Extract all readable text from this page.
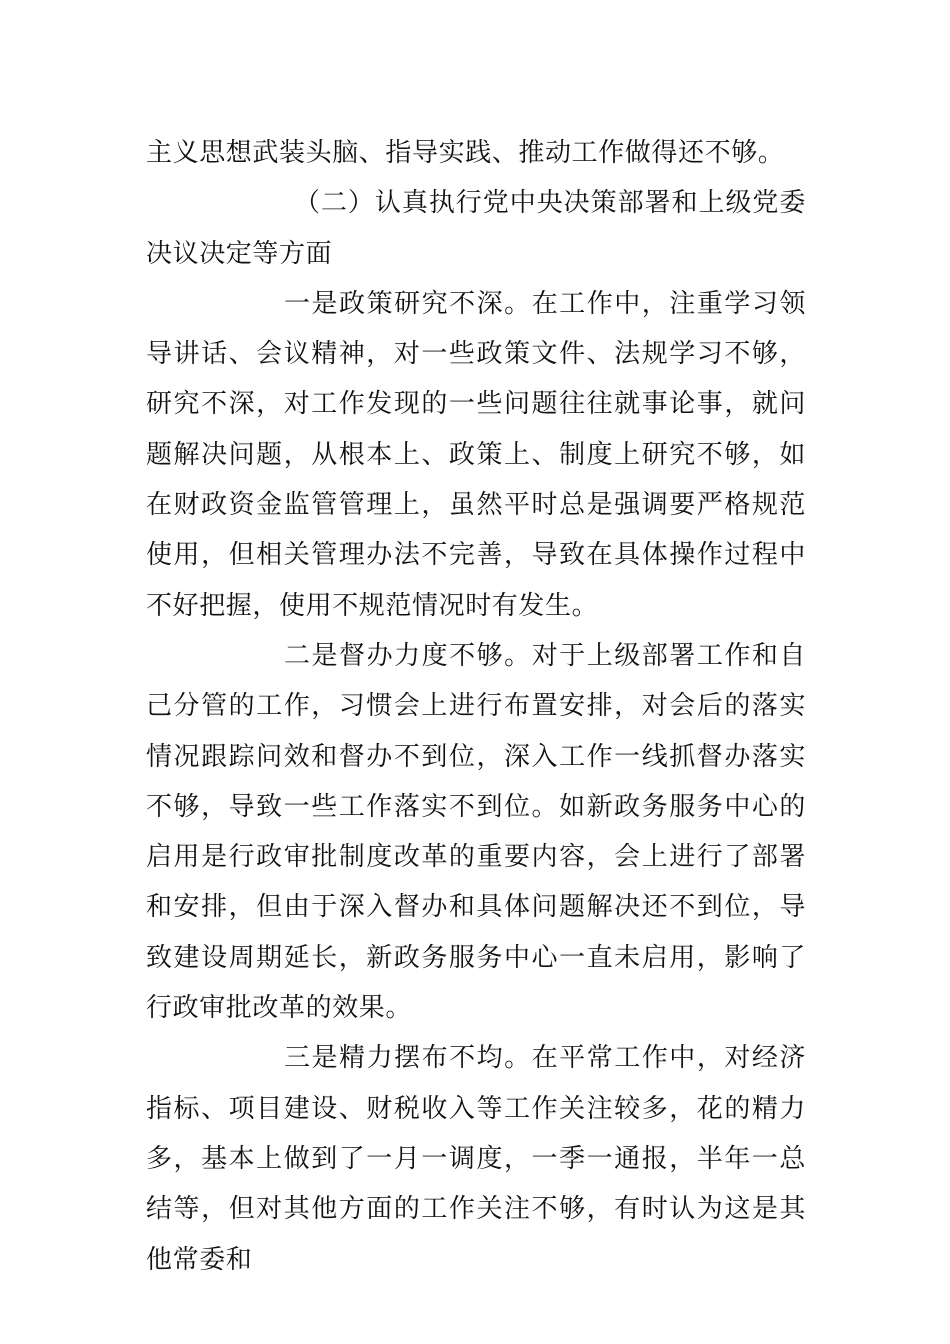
主义思想武装头脑、指导实践、推动工作做得还不够。

（二）认真执行党中央决策部署和上级党委决议决定等方面

一是政策研究不深。在工作中，注重学习领导讲话、会议精神，对一些政策文件、法规学习不够，研究不深，对工作发现的一些问题往往就事论事，就问题解决问题，从根本上、政策上、制度上研究不够，如在财政资金监管管理上，虽然平时总是强调要严格规范使用，但相关管理办法不完善，导致在具体操作过程中不好把握，使用不规范情况时有发生。

二是督办力度不够。对于上级部署工作和自己分管的工作，习惯会上进行布置安排，对会后的落实情况跟踪问效和督办不到位，深入工作一线抓督办落实不够，导致一些工作落实不到位。如新政务服务中心的启用是行政审批制度改革的重要内容，会上进行了部署和安排，但由于深入督办和具体问题解决还不到位，导致建设周期延长，新政务服务中心一直未启用，影响了行政审批改革的效果。

三是精力摆布不均。在平常工作中，对经济指标、项目建设、财税收入等工作关注较多，花的精力多，基本上做到了一月一调度，一季一通报，半年一总结等，但对其他方面的工作关注不够，有时认为这是其他常委和
